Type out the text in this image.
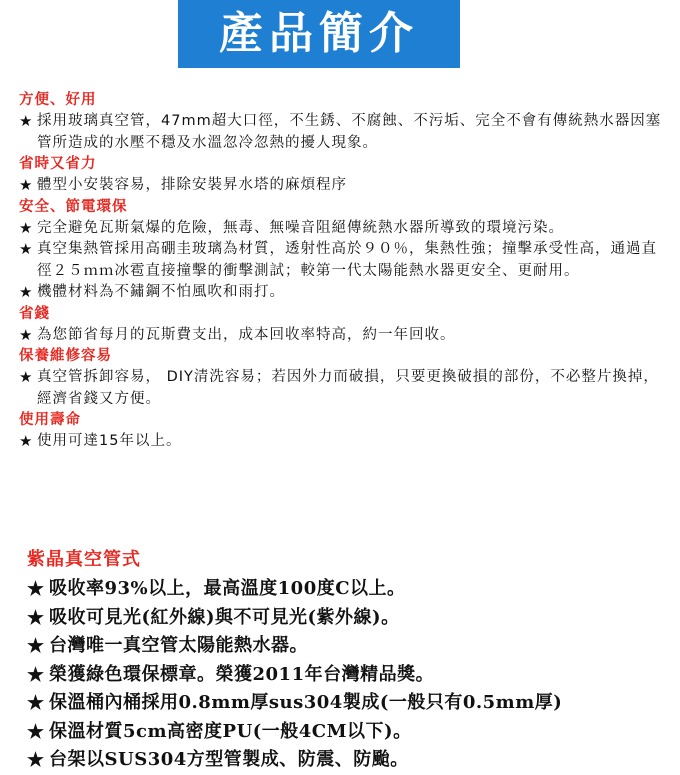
產品簡介
方便、好用
★ 採用玻璃真空管，47mm超大口徑，不生銹、不腐蝕、不污垢、完全不會有傳統熱水器因塞管所造成的水壓不穩及水溫忽冷忽熱的擾人現象。
省時又省力
★ 體型小安裝容易，排除安裝昇水塔的麻煩程序
安全、節電環保
★ 完全避免瓦斯氣爆的危險，無毒、無噪音阻絕傳統熱水器所導致的環境污染。
★ 真空集熱管採用高硼圭玻璃為材質，透射性高於９０％，集熱性強；撞擊承受性高，通過直徑２５ｍｍ冰雹直接撞擊的衝擊測試；較第一代太陽能熱水器更安全、更耐用。
★ 機體材料為不鏽鋼不怕風吹和雨打。
省錢
★ 為您節省每月的瓦斯費支出，成本回收率特高，約一年回收。
保養維修容易
★ 真空管拆卸容易， DIY清洗容易；若因外力而破損，只要更換破損的部份，不必整片換掉，經濟省錢又方便。
使用壽命
★ 使用可達15年以上。
紫晶真空管式
★ 吸收率93%以上，最高溫度100度C以上。
★ 吸收可見光(紅外線)與不可見光(紫外線)。
★ 台灣唯一真空管太陽能熱水器。
★ 榮獲綠色環保標章。榮獲2011年台灣精品獎。
★ 保溫桶內桶採用0.8mm厚sus304製成(一般只有0.5mm厚)
★ 保溫材質5cm高密度PU(一般4CM以下)。
★ 台架以SUS304方型管製成、防震、防颱。
